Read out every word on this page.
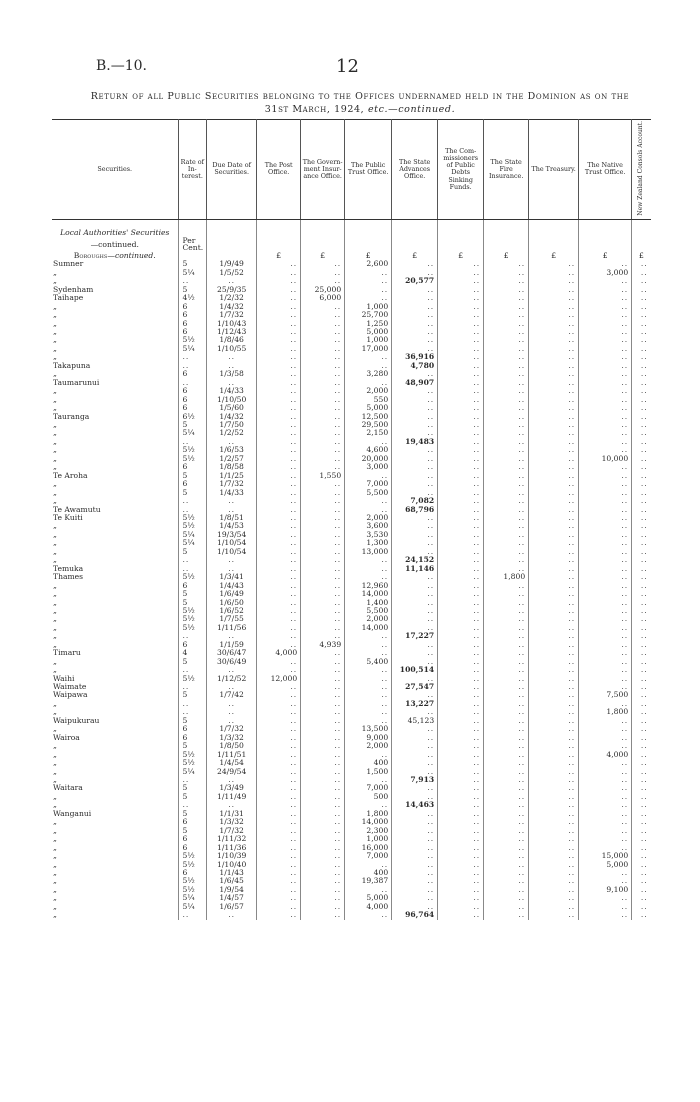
B.—10.	12
Return of all Public Securities belonging to the Offices undernamed held in the Dominion as on the
31st March, 1924, etc.—continued.
Securities.	Rate of In-terest.	Due Date of Securities.	The Post Office.	The Govern-ment Insur-ance Office.	The Public Trust Office.	The State Advances Office.	The Com-missioners of Public Debts Sinking Funds.	The State Fire Insurance.	The Treasury.	The Native Trust Office.	New Zealand Consols Account.

Local Authorities' Securities											
—continued.	Per Cent.										
Boroughs—continued.			£	£	£	£	£	£	£	£	£
Sumner	5	1/9/49	..	..	2,600	..	..	..	..	..	..
„	5¼	1/5/52	..	..	..	..	..	..	..	3,000	..
„	..	..	..	..	..	20,577	..	..	..	..	..
Sydenham	5	25/9/35	..	25,000	..	..	..	..	..	..	..
Taihape	4½	1/2/32	..	6,000	..	..	..	..	..	..	..
„	6	1/4/32	..	..	1,000	..	..	..	..	..	..
„	6	1/7/32	..	..	25,700	..	..	..	..	..	..
„	6	1/10/43	..	..	1,250	..	..	..	..	..	..
„	6	1/12/43	..	..	5,000	..	..	..	..	..	..
„	5½	1/8/46	..	..	1,000	..	..	..	..	..	..
„	5¼	1/10/55	..	..	17,000	..	..	..	..	..	..
„	..	..	..	..	..	36,916	..	..	..	..	..
Takapuna	..	..	..	..	..	4,780	..	..	..	..	..
„	6	1/3/58	..	..	3,280	..	..	..	..	..	..
Taumarunui	..	..	..	..	..	48,907	..	..	..	..	..
„	6	1/4/33	..	..	2,000	..	..	..	..	..	..
„	6	1/10/50	..	..	550	..	..	..	..	..	..
„	6	1/5/60	..	..	5,000	..	..	..	..	..	..
Tauranga	6½	1/4/32	..	..	12,500	..	..	..	..	..	..
„	5	1/7/50	..	..	29,500	..	..	..	..	..	..
„	5¼	1/2/52	..	..	2,150	..	..	..	..	..	..
„	..	..	..	..	..	19,483	..	..	..	..	..
„	5½	1/6/53	..	..	4,600	..	..	..	..	..	..
„	5½	1/2/57	..	..	20,000	..	..	..	..	10,000	..
„	6	1/8/58	..	..	3,000	..	..	..	..	..	..
Te Aroha	5	1/1/25	..	1,550	..	..	..	..	..	..	..
„	6	1/7/32	..	..	7,000	..	..	..	..	..	..
„	5	1/4/33	..	..	5,500	..	..	..	..	..	..
„	..	..	..	..	..	7,082	..	..	..	..	..
Te Awamutu	..	..	..	..	..	68,796	..	..	..	..	..
Te Kuiti	5½	1/8/51	..	..	2,000	..	..	..	..	..	..
„	5½	1/4/53	..	..	3,600	..	..	..	..	..	..
„	5¼	19/3/54	..	..	3,530	..	..	..	..	..	..
„	5¼	1/10/54	..	..	1,300	..	..	..	..	..	..
„	5	1/10/54	..	..	13,000	..	..	..	..	..	..
„	..	..	..	..	..	24,152	..	..	..	..	..
Temuka	..	..	..	..	..	11,146	..	..	..	..	..
Thames	5½	1/3/41	..	..	..	..	..	1,800	..	..	..
„	6	1/4/43	..	..	12,960	..	..	..	..	..	..
„	5	1/6/49	..	..	14,000	..	..	..	..	..	..
„	5	1/6/50	..	..	1,400	..	..	..	..	..	..
„	5½	1/6/52	..	..	5,500	..	..	..	..	..	..
„	5½	1/7/55	..	..	2,000	..	..	..	..	..	..
„	5½	1/11/56	..	..	14,000	..	..	..	..	..	..
„	..	..	..	..	..	17,227	..	..	..	..	..
„	6	1/1/59	..	4,939	..	..	..	..	..	..	..
Timaru	4	30/6/47	4,000	..	..	..	..	..	..	..	..
„	5	30/6/49	..	..	5,400	..	..	..	..	..	..
„	..	..	..	..	..	100,514	..	..	..	..	..
Waihi	5½	1/12/52	12,000	..	..	..	..	..	..	..	..
Waimate	..	..	..	..	..	27,547	..	..	..	..	..
Waipawa	5	1/7/42	..	..	..	..	..	..	..	7,500	..
„	..	..	..	..	..	13,227	..	..	..	..	..
„	..	..	..	..	..	..	..	..	..	1,800	..
Waipukurau	5	..	..	..	..	45,123	..	..	..	..	..
„	6	1/7/32	..	..	13,500	..	..	..	..	..	..
Wairoa	6	1/3/32	..	..	9,000	..	..	..	..	..	..
„	5	1/8/50	..	..	2,000	..	..	..	..	..	..
„	5½	1/11/51	..	..	..	..	..	..	..	4,000	..
„	5½	1/4/54	..	..	400	..	..	..	..	..	..
„	5¼	24/9/54	..	..	1,500	..	..	..	..	..	..
„	..	..	..	..	..	7,913	..	..	..	..	..
Waitara	5	1/3/49	..	..	7,000	..	..	..	..	..	..
„	5	1/11/49	..	..	500	..	..	..	..	..	..
„	..	..	..	..	..	14,463	..	..	..	..	..
Wanganui	5	1/1/31	..	..	1,800	..	..	..	..	..	..
„	6	1/3/32	..	..	14,000	..	..	..	..	..	..
„	5	1/7/32	..	..	2,300	..	..	..	..	..	..
„	6	1/11/32	..	..	1,000	..	..	..	..	..	..
„	6	1/11/36	..	..	16,000	..	..	..	..	..	..
„	5½	1/10/39	..	..	7,000	..	..	..	..	15,000	..
„	5½	1/10/40	..	..	..	..	..	..	..	5,000	..
„	6	1/1/43	..	..	400	..	..	..	..	..	..
„	5½	1/6/45	..	..	19,387	..	..	..	..	..	..
„	5½	1/9/54	..	..	..	..	..	..	..	9,100	..
„	5¼	1/4/57	..	..	5,000	..	..	..	..	..	..
„	5¼	1/6/57	..	..	4,000	..	..	..	..	..	..
„	..	..	..	..	..	96,764	..	..	..	..	..
